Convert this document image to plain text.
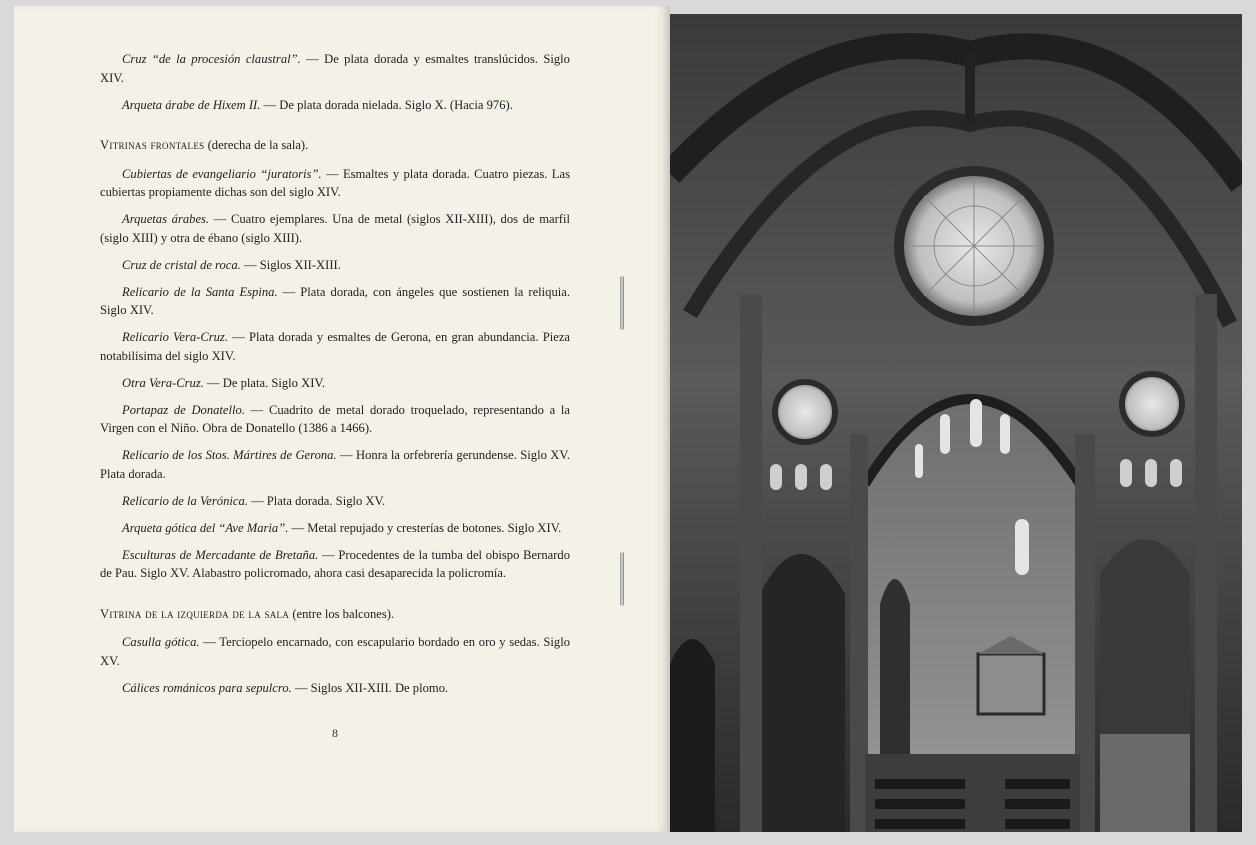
Cruz “de la procesión claustral”. — De plata dorada y esmaltes translúcidos. Siglo XIV.

Arqueta árabe de Hixem II. — De plata dorada nielada. Siglo X. (Hacia 976).

Vitrinas frontales (derecha de la sala).

Cubiertas de evangeliario “juratoris”. — Esmaltes y plata dorada. Cuatro piezas. Las cubiertas propiamente dichas son del siglo XIV.

Arquetas árabes. — Cuatro ejemplares. Una de metal (siglos XII-XIII), dos de marfil (siglo XIII) y otra de ébano (siglo XIII).

Cruz de cristal de roca. — Siglos XII-XIII.

Relicario de la Santa Espina. — Plata dorada, con ángeles que sostienen la reliquia. Siglo XIV.

Relicario Vera-Cruz. — Plata dorada y esmaltes de Gerona, en gran abundancia. Pieza notabilísima del siglo XIV.

Otra Vera-Cruz. — De plata. Siglo XIV.

Portapaz de Donatello. — Cuadrito de metal dorado troquelado, representando a la Virgen con el Niño. Obra de Donatello (1386 a 1466).

Relicario de los Stos. Mártires de Gerona. — Honra la orfebrería gerundense. Siglo XV. Plata dorada.

Relicario de la Verónica. — Plata dorada. Siglo XV.

Arqueta gótica del “Ave Maria”. — Metal repujado y cresterías de botones. Siglo XIV.

Esculturas de Mercadante de Bretaña. — Procedentes de la tumba del obispo Bernardo de Pau. Siglo XV. Alabastro policromado, ahora casi desaparecida la policromía.

Vitrina de la izquierda de la sala (entre los balcones).

Casulla gótica. — Terciopelo encarnado, con escapulario bordado en oro y sedas. Siglo XV.

Cálices románicos para sepulcro. — Siglos XII-XIII. De plomo.

8
